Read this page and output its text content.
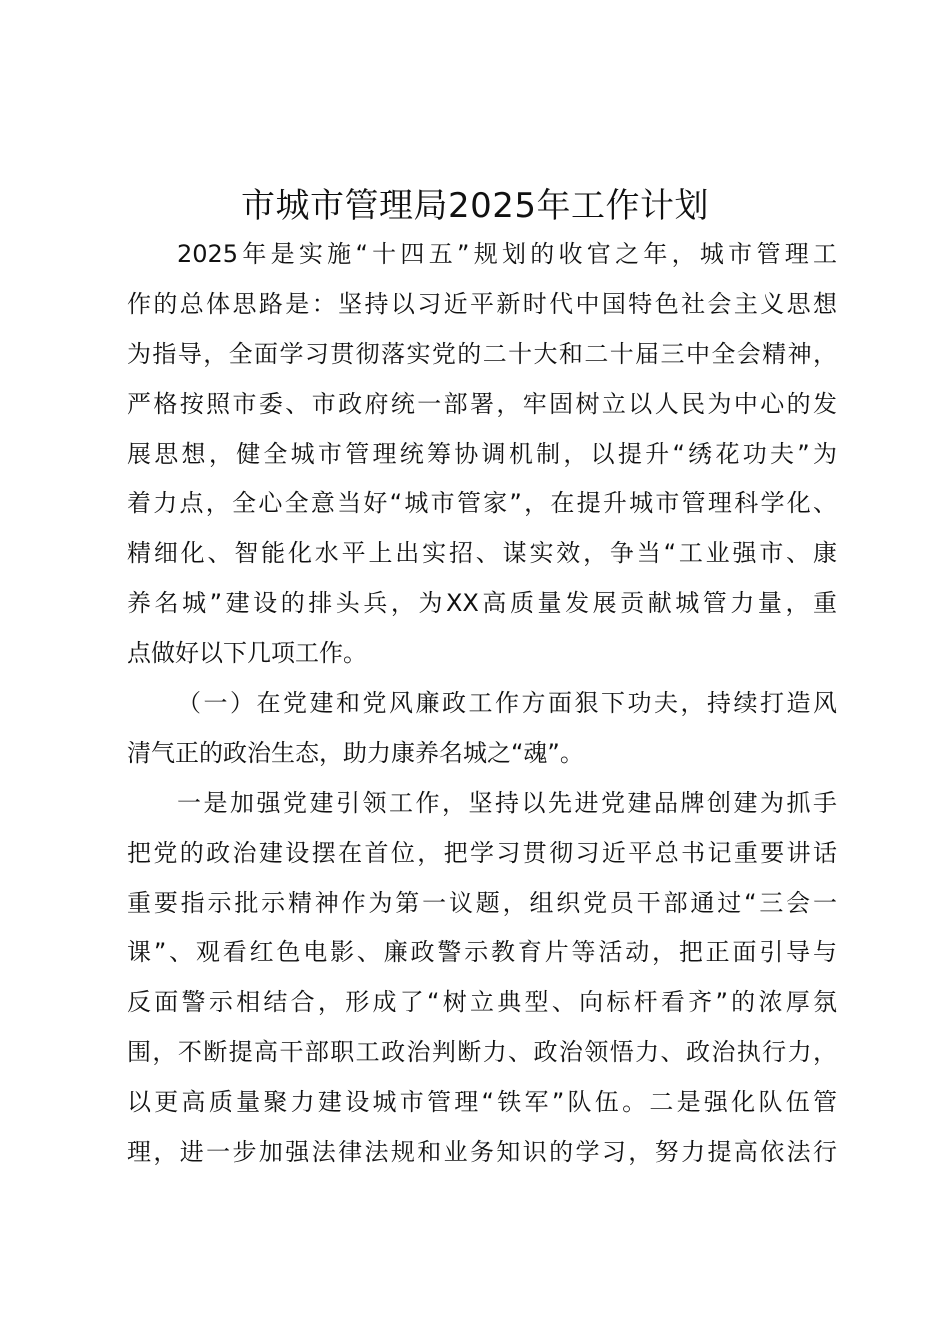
市城市管理局2025年工作计划
2025年是实施“十四五”规划的收官之年，城市管理工
作的总体思路是：坚持以习近平新时代中国特色社会主义思想
为指导，全面学习贯彻落实党的二十大和二十届三中全会精神，
严格按照市委、市政府统一部署，牢固树立以人民为中心的发
展思想，健全城市管理统筹协调机制，以提升“绣花功夫”为
着力点，全心全意当好“城市管家”，在提升城市管理科学化、
精细化、智能化水平上出实招、谋实效，争当“工业强市、康
养名城”建设的排头兵，为XX高质量发展贡献城管力量，重
点做好以下几项工作。
（一）在党建和党风廉政工作方面狠下功夫，持续打造风
清气正的政治生态，助力康养名城之“魂”。
一是加强党建引领工作，坚持以先进党建品牌创建为抓手
把党的政治建设摆在首位，把学习贯彻习近平总书记重要讲话
重要指示批示精神作为第一议题，组织党员干部通过“三会一
课”、观看红色电影、廉政警示教育片等活动，把正面引导与
反面警示相结合，形成了“树立典型、向标杆看齐”的浓厚氛
围，不断提高干部职工政治判断力、政治领悟力、政治执行力，
以更高质量聚力建设城市管理“铁军”队伍。二是强化队伍管
理，进一步加强法律法规和业务知识的学习，努力提高依法行
